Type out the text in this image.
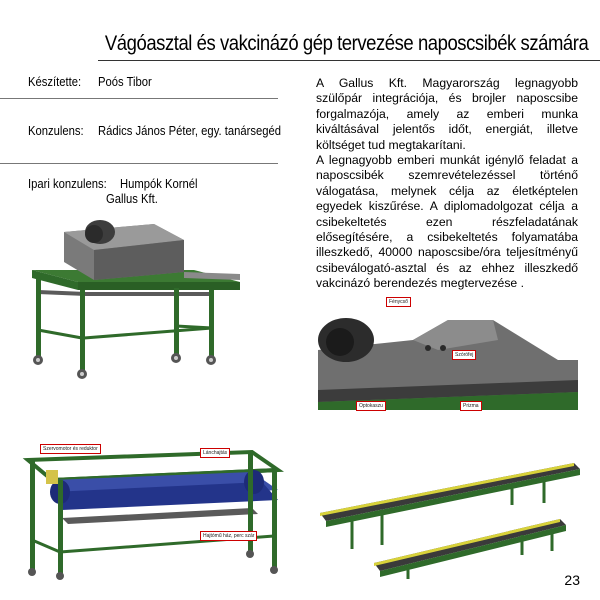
Vágóasztal és vakcinázó gép tervezése naposcsibék számára
Készítette: Poós Tibor
Konzulens: Rádics János Péter, egy. tanársegéd
Ipari konzulens: Humpók Kornél
Gallus Kft.

A Gallus Kft. Magyarország legnagyobb szülőpár integrációja, és brojler naposcsibe forgalmazója, amely az emberi munka kiváltásával jelentős időt, energiát, illetve költséget tud megtakarítani.

A legnagyobb emberi munkát igénylő feladat a naposcsibék szemrevételezéssel történő válogatása, melynek célja az életképtelen egyedek kiszűrése. A diplomadolgozat célja a csibekeltetés ezen részfeladatának elősegítésére, a csibekeltetés folyamatába illeszkedő, 40000 naposcsibe/óra teljesítményű csibeválogató-asztal és az ehhez illeszkedő vakcinázó berendezés megtervezése .

Fénycső
Szórófej
Optokaszu	Prizma
Szervomotor és reduktor
Lánchajtás
Hajtómű ház, perc szár
23
